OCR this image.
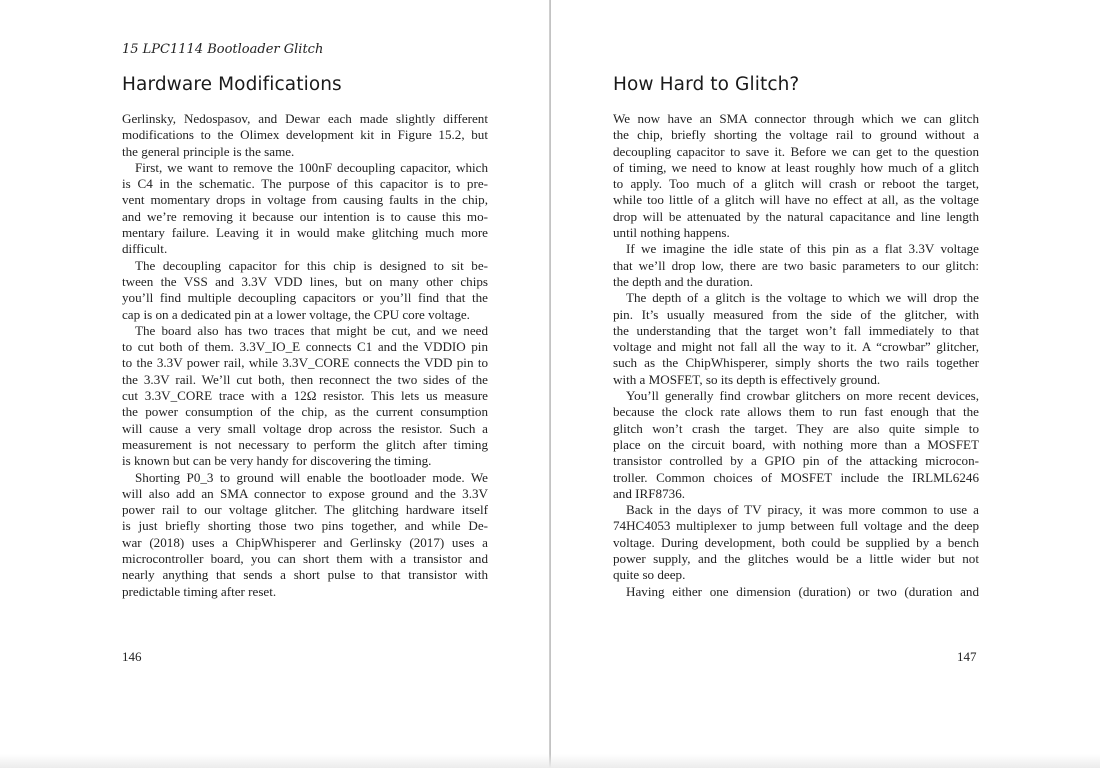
15 LPC1114 Bootloader Glitch
Hardware Modifications
Gerlinsky, Nedospasov, and Dewar each made slightly different
modifications to the Olimex development kit in Figure 15.2, but
the general principle is the same.
First, we want to remove the 100nF decoupling capacitor, which
is C4 in the schematic. The purpose of this capacitor is to pre-
vent momentary drops in voltage from causing faults in the chip,
and we’re removing it because our intention is to cause this mo-
mentary failure. Leaving it in would make glitching much more
difficult.
The decoupling capacitor for this chip is designed to sit be-
tween the VSS and 3.3V VDD lines, but on many other chips
you’ll find multiple decoupling capacitors or you’ll find that the
cap is on a dedicated pin at a lower voltage, the CPU core voltage.
The board also has two traces that might be cut, and we need
to cut both of them. 3.3V_IO_E connects C1 and the VDDIO pin
to the 3.3V power rail, while 3.3V_CORE connects the VDD pin to
the 3.3V rail. We’ll cut both, then reconnect the two sides of the
cut 3.3V_CORE trace with a 12Ω resistor. This lets us measure
the power consumption of the chip, as the current consumption
will cause a very small voltage drop across the resistor. Such a
measurement is not necessary to perform the glitch after timing
is known but can be very handy for discovering the timing.
Shorting P0_3 to ground will enable the bootloader mode. We
will also add an SMA connector to expose ground and the 3.3V
power rail to our voltage glitcher. The glitching hardware itself
is just briefly shorting those two pins together, and while De-
war (2018) uses a ChipWhisperer and Gerlinsky (2017) uses a
microcontroller board, you can short them with a transistor and
nearly anything that sends a short pulse to that transistor with
predictable timing after reset.
146
How Hard to Glitch?
We now have an SMA connector through which we can glitch
the chip, briefly shorting the voltage rail to ground without a
decoupling capacitor to save it. Before we can get to the question
of timing, we need to know at least roughly how much of a glitch
to apply. Too much of a glitch will crash or reboot the target,
while too little of a glitch will have no effect at all, as the voltage
drop will be attenuated by the natural capacitance and line length
until nothing happens.
If we imagine the idle state of this pin as a flat 3.3V voltage
that we’ll drop low, there are two basic parameters to our glitch:
the depth and the duration.
The depth of a glitch is the voltage to which we will drop the
pin. It’s usually measured from the side of the glitcher, with
the understanding that the target won’t fall immediately to that
voltage and might not fall all the way to it. A “crowbar” glitcher,
such as the ChipWhisperer, simply shorts the two rails together
with a MOSFET, so its depth is effectively ground.
You’ll generally find crowbar glitchers on more recent devices,
because the clock rate allows them to run fast enough that the
glitch won’t crash the target. They are also quite simple to
place on the circuit board, with nothing more than a MOSFET
transistor controlled by a GPIO pin of the attacking microcon-
troller. Common choices of MOSFET include the IRLML6246
and IRF8736.
Back in the days of TV piracy, it was more common to use a
74HC4053 multiplexer to jump between full voltage and the deep
voltage. During development, both could be supplied by a bench
power supply, and the glitches would be a little wider but not
quite so deep.
Having either one dimension (duration) or two (duration and
147
